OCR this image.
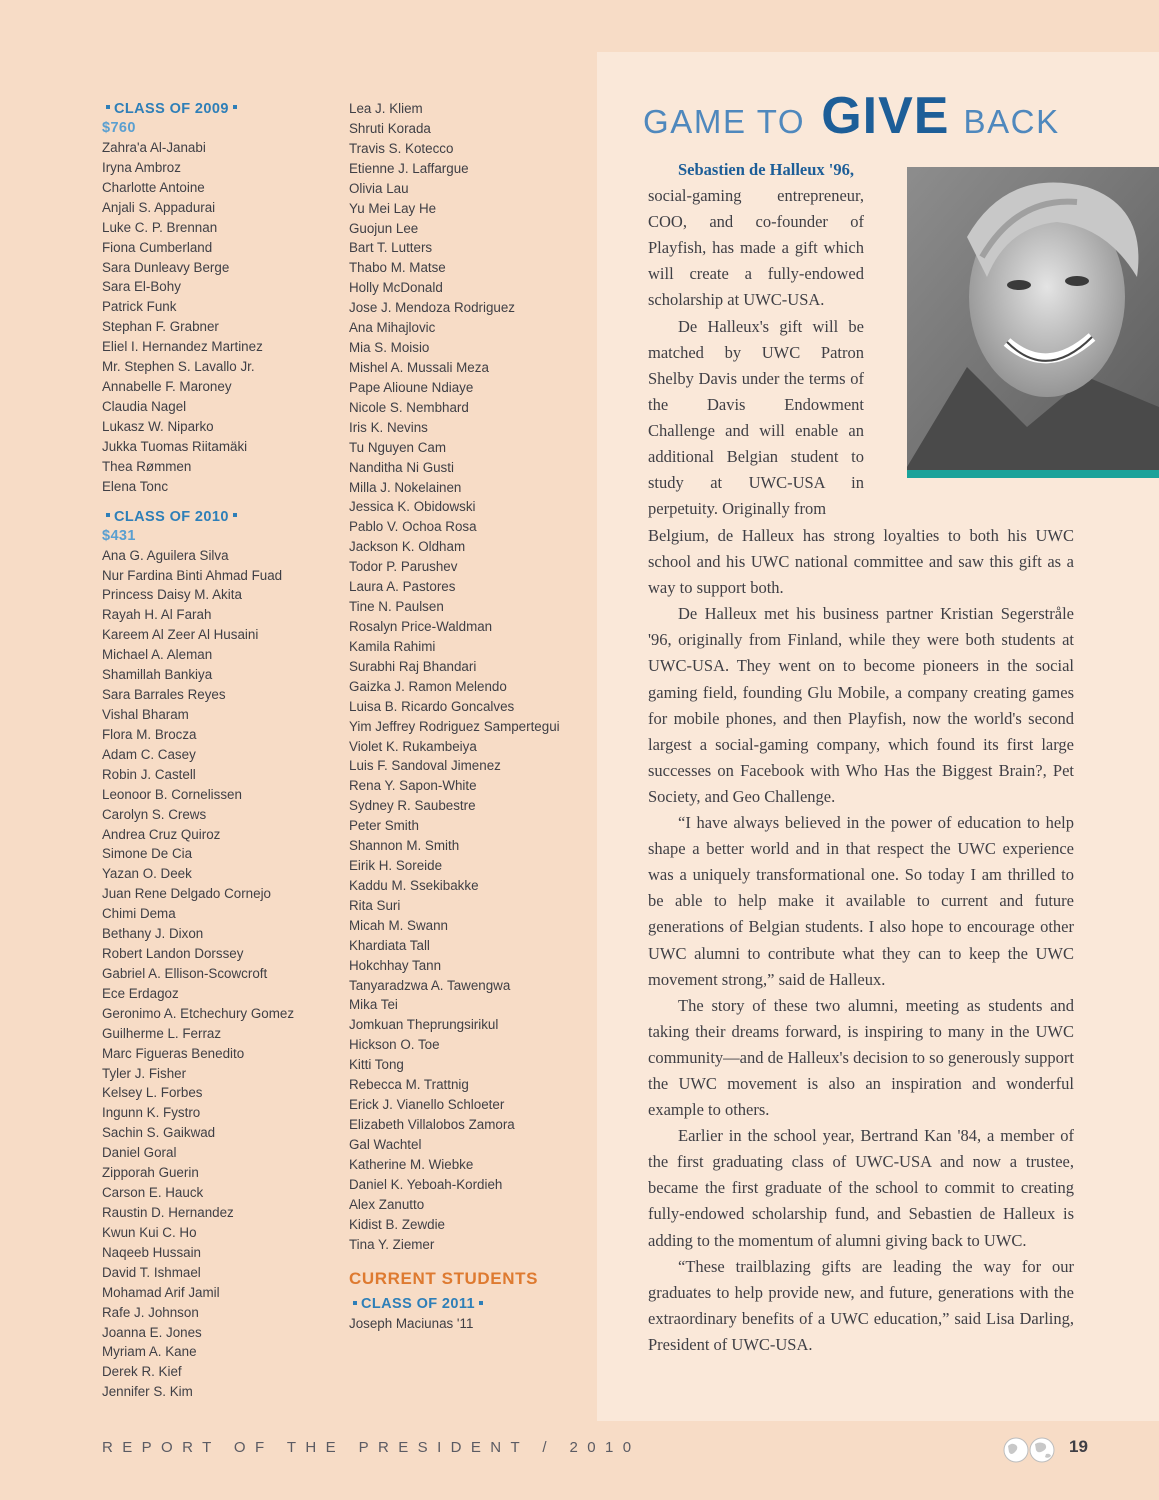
CLASS OF 2009
$760
Zahra'a Al-Janabi
Iryna Ambroz
Charlotte Antoine
Anjali S. Appadurai
Luke C. P. Brennan
Fiona Cumberland
Sara Dunleavy Berge
Sara El-Bohy
Patrick Funk
Stephan F. Grabner
Eliel I. Hernandez Martinez
Mr. Stephen S. Lavallo Jr.
Annabelle F. Maroney
Claudia Nagel
Lukasz W. Niparko
Jukka Tuomas Riitamäki
Thea Rømmen
Elena Tonc
CLASS OF 2010
$431
Ana G. Aguilera Silva
Nur Fardina Binti Ahmad Fuad
Princess Daisy M. Akita
Rayah H. Al Farah
Kareem Al Zeer Al Husaini
Michael A. Aleman
Shamillah Bankiya
Sara Barrales Reyes
Vishal Bharam
Flora M. Brocza
Adam C. Casey
Robin J. Castell
Leonoor B. Cornelissen
Carolyn S. Crews
Andrea Cruz Quiroz
Simone De Cia
Yazan O. Deek
Juan Rene Delgado Cornejo
Chimi Dema
Bethany J. Dixon
Robert Landon Dorssey
Gabriel A. Ellison-Scowcroft
Ece Erdagoz
Geronimo A. Etchechury Gomez
Guilherme L. Ferraz
Marc Figueras Benedito
Tyler J. Fisher
Kelsey L. Forbes
Ingunn K. Fystro
Sachin S. Gaikwad
Daniel Goral
Zipporah Guerin
Carson E. Hauck
Raustin D. Hernandez
Kwun Kui C. Ho
Naqeeb Hussain
David T. Ishmael
Mohamad Arif Jamil
Rafe J. Johnson
Joanna E. Jones
Myriam A. Kane
Derek R. Kief
Jennifer S. Kim
Lea J. Kliem
Shruti Korada
Travis S. Kotecco
Etienne J. Laffargue
Olivia Lau
Yu Mei Lay He
Guojun Lee
Bart T. Lutters
Thabo M. Matse
Holly McDonald
Jose J. Mendoza Rodriguez
Ana Mihajlovic
Mia S. Moisio
Mishel A. Mussali Meza
Pape Alioune Ndiaye
Nicole S. Nembhard
Iris K. Nevins
Tu Nguyen Cam
Nanditha Ni Gusti
Milla J. Nokelainen
Jessica K. Obidowski
Pablo V. Ochoa Rosa
Jackson K. Oldham
Todor P. Parushev
Laura A. Pastores
Tine N. Paulsen
Rosalyn Price-Waldman
Kamila Rahimi
Surabhi Raj Bhandari
Gaizka J. Ramon Melendo
Luisa B. Ricardo Goncalves
Yim Jeffrey Rodriguez Sampertegui
Violet K. Rukambeiya
Luis F. Sandoval Jimenez
Rena Y. Sapon-White
Sydney R. Saubestre
Peter Smith
Shannon M. Smith
Eirik H. Soreide
Kaddu M. Ssekibakke
Rita Suri
Micah M. Swann
Khardiata Tall
Hokchhay Tann
Tanyaradzwa A. Tawengwa
Mika Tei
Jomkuan Theprungsirikul
Hickson O. Toe
Kitti Tong
Rebecca M. Trattnig
Erick J. Vianello Schloeter
Elizabeth Villalobos Zamora
Gal Wachtel
Katherine M. Wiebke
Daniel K. Yeboah-Kordieh
Alex Zanutto
Kidist B. Zewdie
Tina Y. Ziemer
CURRENT STUDENTS
CLASS OF 2011
Joseph Maciunas '11
GAME TO GIVE BACK

Sebastien de Halleux '96,

social-gaming entrepreneur, COO, and co-founder of Playfish, has made a gift which will create a fully-endowed scholarship at UWC-USA.

De Halleux's gift will be matched by UWC Patron Shelby Davis under the terms of the Davis Endowment Challenge and will enable an additional Belgian student to study at UWC-USA in perpetuity. Originally from

Belgium, de Halleux has strong loyalties to both his UWC school and his UWC national committee and saw this gift as a way to support both.

De Halleux met his business partner Kristian Segerstråle '96, originally from Finland, while they were both students at UWC-USA. They went on to become pioneers in the social gaming field, founding Glu Mobile, a company creating games for mobile phones, and then Playfish, now the world's second largest a social-gaming company, which found its first large successes on Facebook with Who Has the Biggest Brain?, Pet Society, and Geo Challenge.

“I have always believed in the power of education to help shape a better world and in that respect the UWC experience was a uniquely transformational one. So today I am thrilled to be able to help make it available to current and future generations of Belgian students. I also hope to encourage other UWC alumni to contribute what they can to keep the UWC movement strong,” said de Halleux.

The story of these two alumni, meeting as students and taking their dreams forward, is inspiring to many in the UWC community—and de Halleux's decision to so generously support the UWC movement is also an inspiration and wonderful example to others.

Earlier in the school year, Bertrand Kan '84, a member of the first graduating class of UWC-USA and now a trustee, became the first graduate of the school to commit to creating fully-endowed scholarship fund, and Sebastien de Halleux is adding to the momentum of alumni giving back to UWC.

“These trailblazing gifts are leading the way for our graduates to help provide new, and future, generations with the extraordinary benefits of a UWC education,” said Lisa Darling, President of UWC-USA.

REPORT OF THE PRESIDENT / 2010	19
